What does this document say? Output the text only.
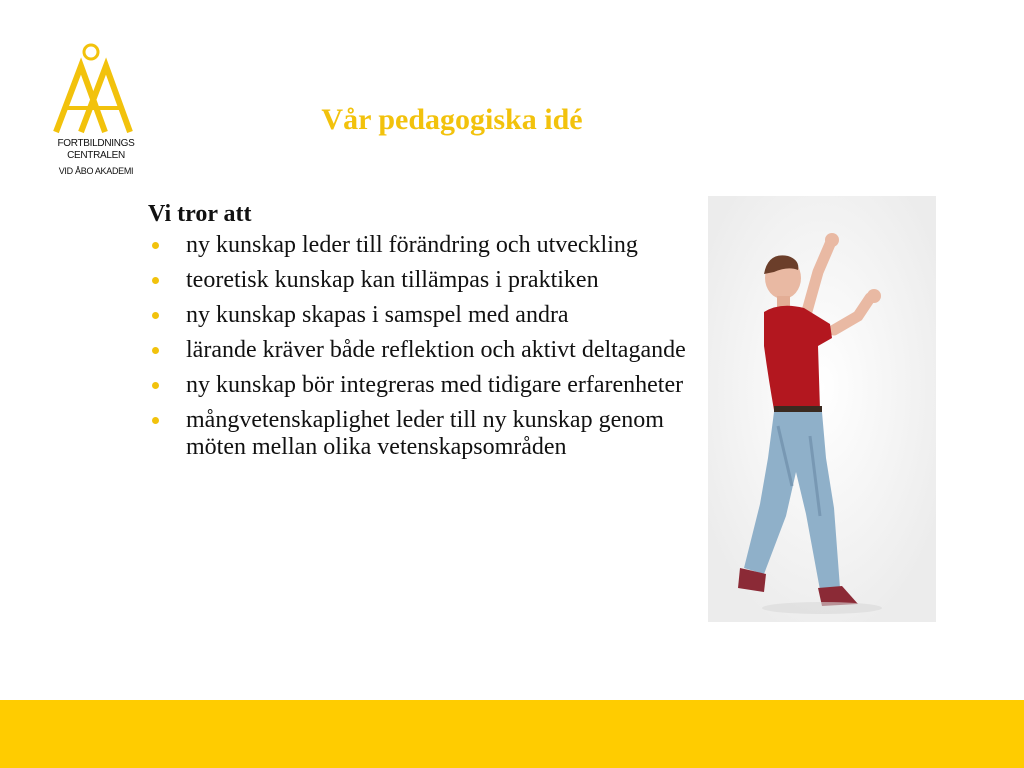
FORTBILDNINGS
CENTRALEN
VID ÅBO AKADEMI
Vår pedagogiska idé
Vi tror att
ny kunskap leder till förändring och utveckling
teoretisk kunskap kan tillämpas i praktiken
ny kunskap skapas i samspel med andra
lärande kräver både reflektion och aktivt deltagande
ny kunskap bör integreras med tidigare erfarenheter
mångvetenskaplighet leder till ny kunskap genom möten mellan olika vetenskapsområden
